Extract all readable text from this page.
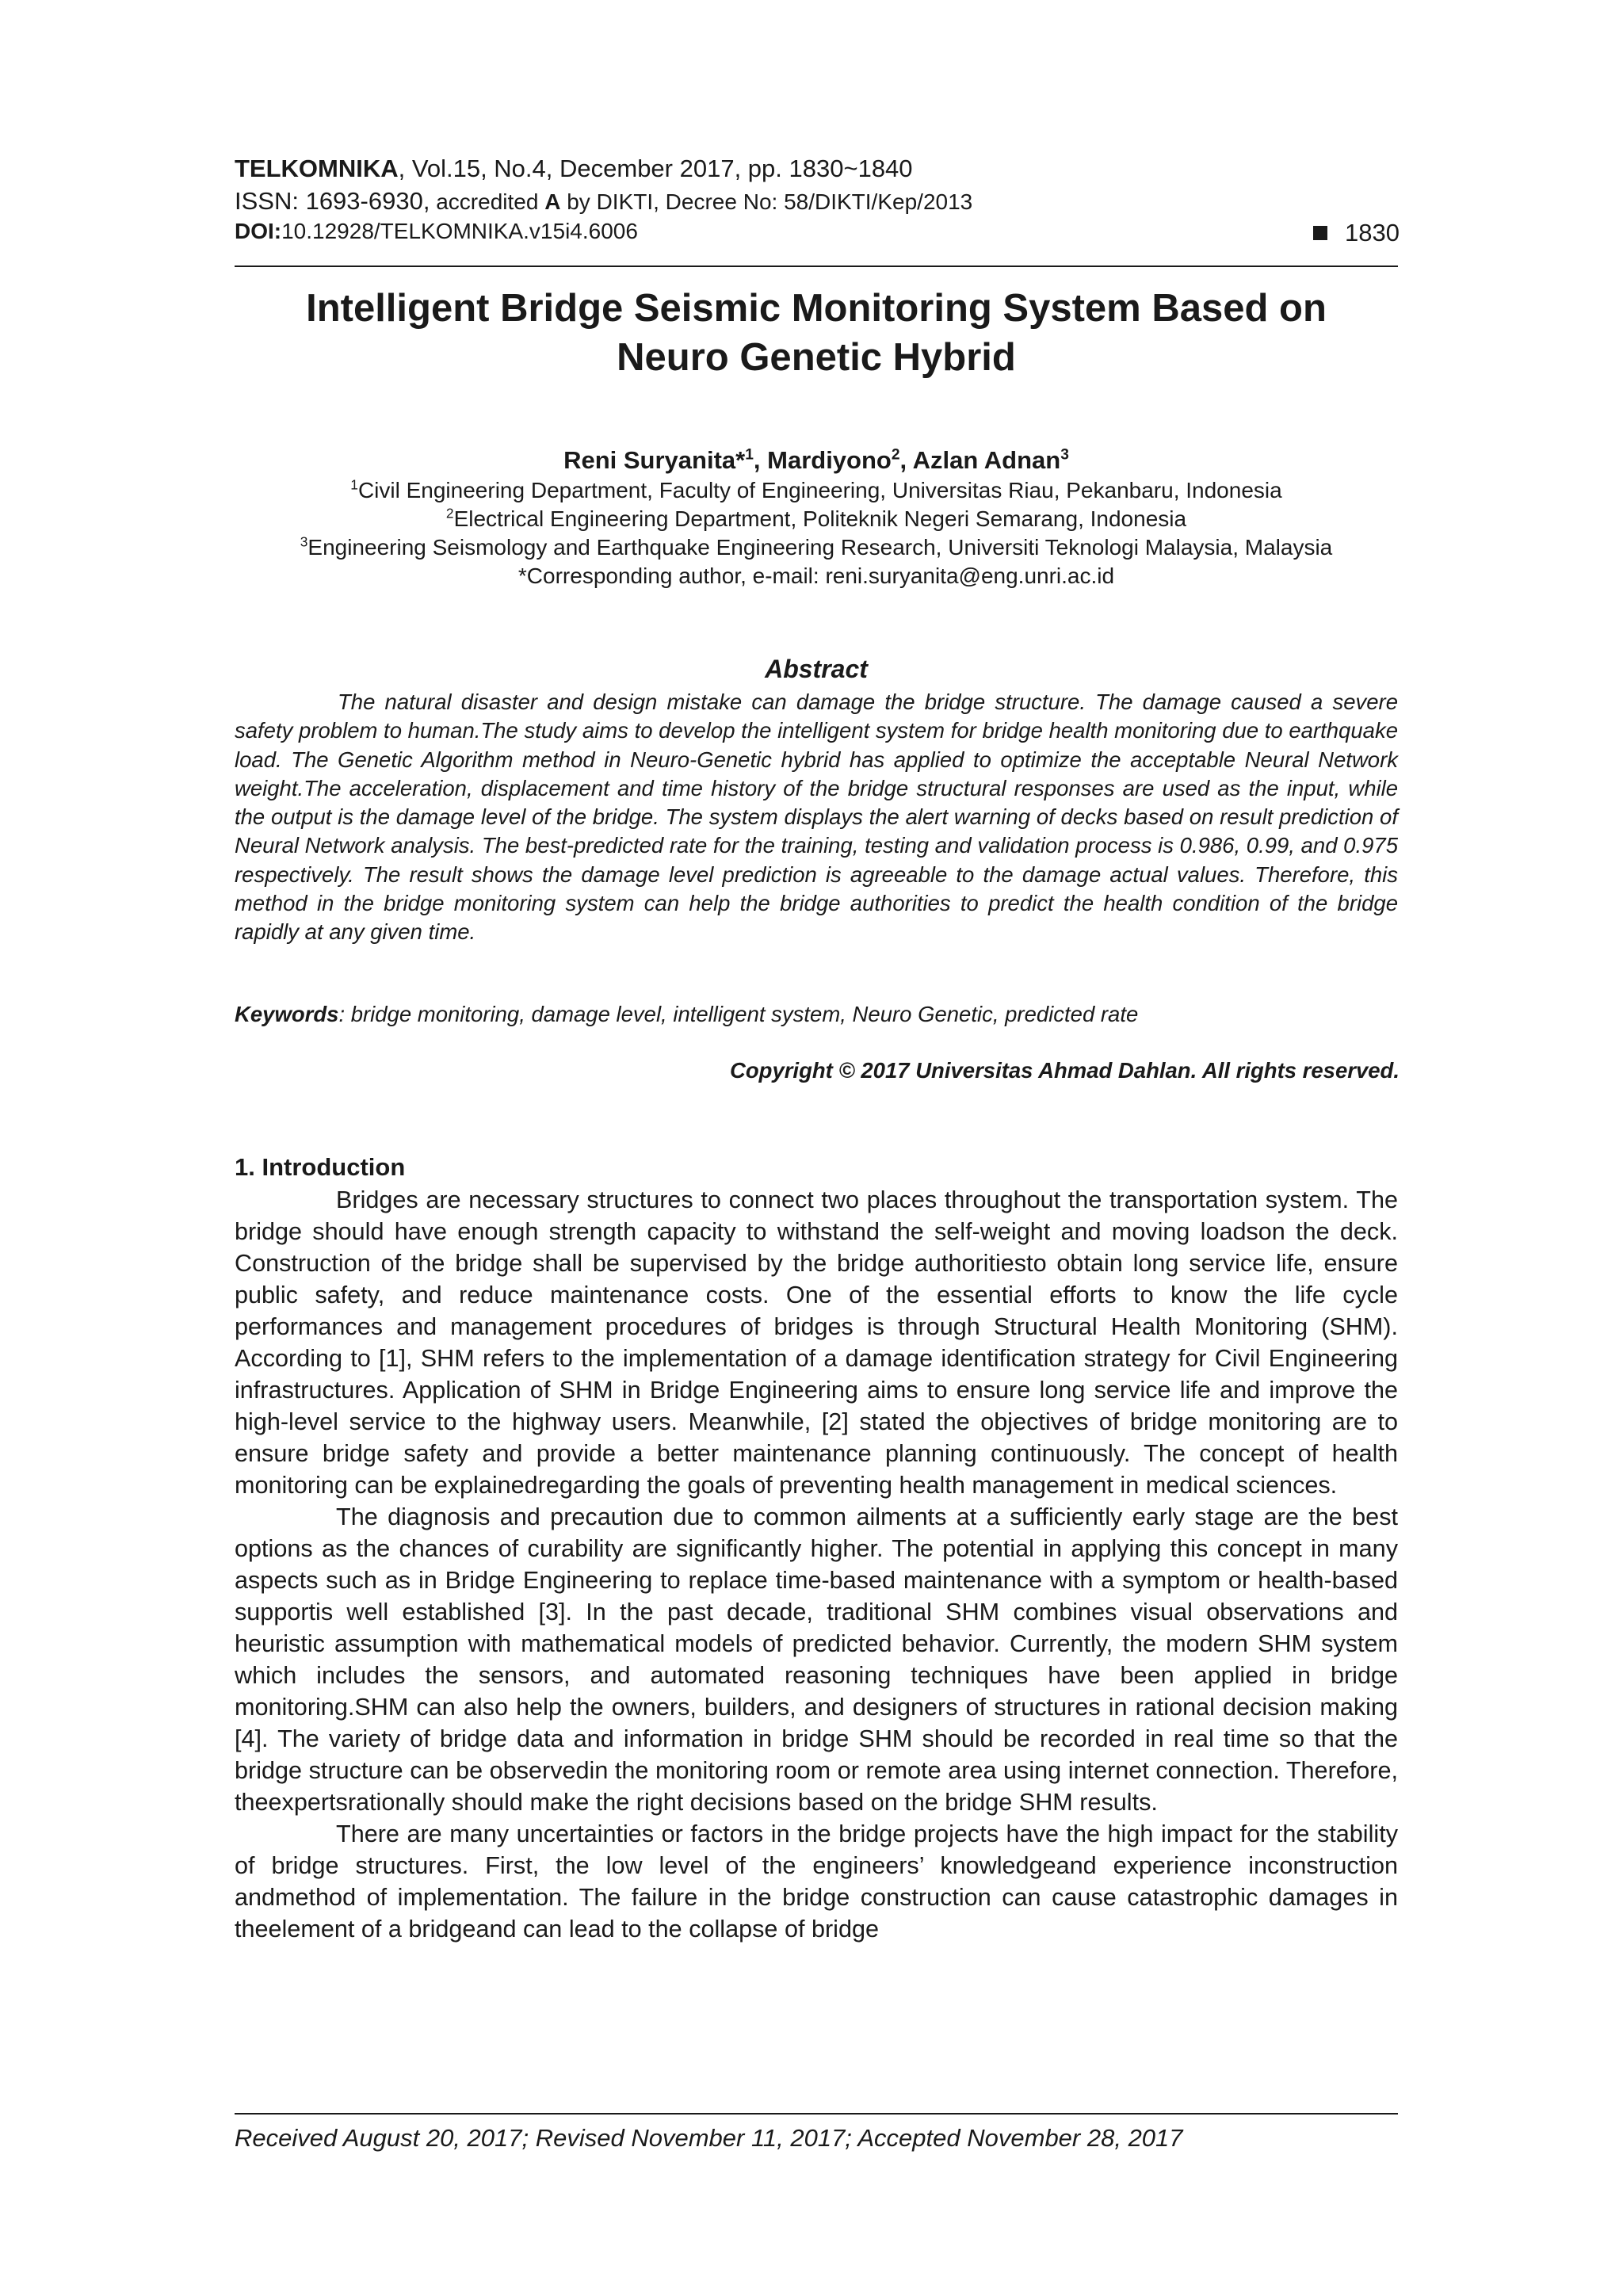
TELKOMNIKA, Vol.15, No.4, December 2017, pp. 1830~1840
ISSN: 1693-6930, accredited A by DIKTI, Decree No: 58/DIKTI/Kep/2013
DOI:10.12928/TELKOMNIKA.v15i4.6006	1830
Intelligent Bridge Seismic Monitoring System Based on
Neuro Genetic Hybrid
Reni Suryanita*$^1$, Mardiyono$^2$, Azlan Adnan$^3$
$^1$Civil Engineering Department, Faculty of Engineering, Universitas Riau, Pekanbaru, Indonesia
$^2$Electrical Engineering Department, Politeknik Negeri Semarang, Indonesia
$^3$Engineering Seismology and Earthquake Engineering Research, Universiti Teknologi Malaysia, Malaysia
*Corresponding author, e-mail: reni.suryanita@eng.unri.ac.id
Abstract
The natural disaster and design mistake can damage the bridge structure. The damage caused a severe safety problem to human.The study aims to develop the intelligent system for bridge health monitoring due to earthquake load. The Genetic Algorithm method in Neuro-Genetic hybrid has applied to optimize the acceptable Neural Network weight.The acceleration, displacement and time history of the bridge structural responses are used as the input, while the output is the damage level of the bridge. The system displays the alert warning of decks based on result prediction of Neural Network analysis. The best-predicted rate for the training, testing and validation process is 0.986, 0.99, and 0.975 respectively. The result shows the damage level prediction is agreeable to the damage actual values. Therefore, this method in the bridge monitoring system can help the bridge authorities to predict the health condition of the bridge rapidly at any given time.
Keywords: bridge monitoring, damage level, intelligent system, Neuro Genetic, predicted rate
Copyright © 2017 Universitas Ahmad Dahlan. All rights reserved.
1. Introduction

Bridges are necessary structures to connect two places throughout the transportation system. The bridge should have enough strength capacity to withstand the self-weight and moving loadson the deck. Construction of the bridge shall be supervised by the bridge authoritiesto obtain long service life, ensure public safety, and reduce maintenance costs. One of the essential efforts to know the life cycle performances and management procedures of bridges is through Structural Health Monitoring (SHM). According to [1], SHM refers to the implementation of a damage identification strategy for Civil Engineering infrastructures. Application of SHM in Bridge Engineering aims to ensure long service life and improve the high-level service to the highway users. Meanwhile, [2] stated the objectives of bridge monitoring are to ensure bridge safety and provide a better maintenance planning continuously. The concept of health monitoring can be explainedregarding the goals of preventing health management in medical sciences.

The diagnosis and precaution due to common ailments at a sufficiently early stage are the best options as the chances of curability are significantly higher. The potential in applying this concept in many aspects such as in Bridge Engineering to replace time-based maintenance with a symptom or health-based supportis well established [3]. In the past decade, traditional SHM combines visual observations and heuristic assumption with mathematical models of predicted behavior. Currently, the modern SHM system which includes the sensors, and automated reasoning techniques have been applied in bridge monitoring.SHM can also help the owners, builders, and designers of structures in rational decision making [4]. The variety of bridge data and information in bridge SHM should be recorded in real time so that the bridge structure can be observedin the monitoring room or remote area using internet connection. Therefore, theexpertsrationally should make the right decisions based on the bridge SHM results.

There are many uncertainties or factors in the bridge projects have the high impact for the stability of bridge structures. First, the low level of the engineers’ knowledgeand experience inconstruction andmethod of implementation. The failure in the bridge construction can cause catastrophic damages in theelement of a bridgeand can lead to the collapse of bridge

Received August 20, 2017; Revised November 11, 2017; Accepted November 28, 2017
